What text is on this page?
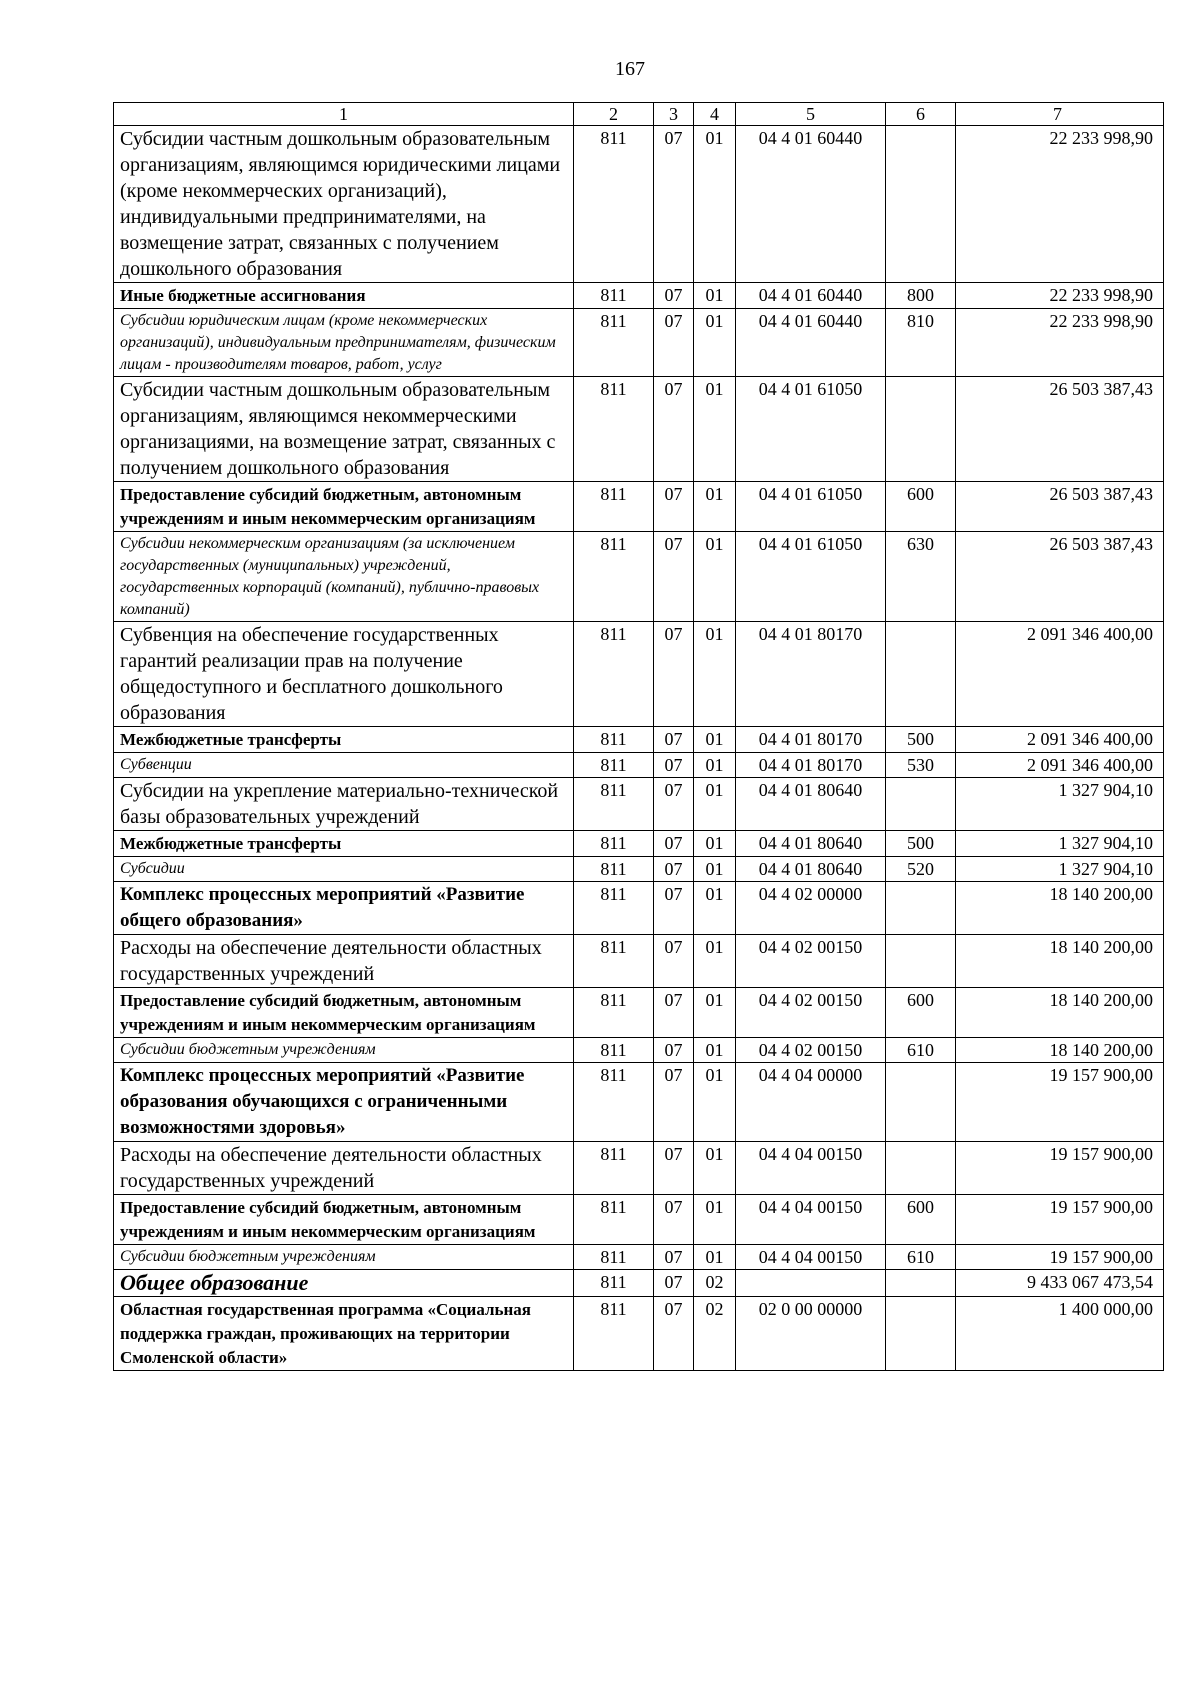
167
1	2	3	4	5	6	7
Субсидии частным дошкольным образовательным организациям, являющимся юридическими лицами (кроме некоммерческих организаций), индивидуальными предпринимателями, на возмещение затрат, связанных с получением дошкольного образования	811	07	01	04 4 01 60440		22 233 998,90
Иные бюджетные ассигнования	811	07	01	04 4 01 60440	800	22 233 998,90
Субсидии юридическим лицам (кроме некоммерческих организаций), индивидуальным предпринимателям, физическим лицам - производителям товаров, работ, услуг	811	07	01	04 4 01 60440	810	22 233 998,90
Субсидии частным дошкольным образовательным организациям, являющимся некоммерческими организациями, на возмещение затрат, связанных с получением дошкольного образования	811	07	01	04 4 01 61050		26 503 387,43
Предоставление субсидий бюджетным, автономным учреждениям и иным некоммерческим организациям	811	07	01	04 4 01 61050	600	26 503 387,43
Субсидии некоммерческим организациям (за исключением государственных (муниципальных) учреждений, государственных корпораций (компаний), публично-правовых компаний)	811	07	01	04 4 01 61050	630	26 503 387,43
Субвенция на обеспечение государственных гарантий реализации прав на получение общедоступного и бесплатного дошкольного образования	811	07	01	04 4 01 80170		2 091 346 400,00
Межбюджетные трансферты	811	07	01	04 4 01 80170	500	2 091 346 400,00
Субвенции	811	07	01	04 4 01 80170	530	2 091 346 400,00
Субсидии на укрепление материально-технической базы образовательных учреждений	811	07	01	04 4 01 80640		1 327 904,10
Межбюджетные трансферты	811	07	01	04 4 01 80640	500	1 327 904,10
Субсидии	811	07	01	04 4 01 80640	520	1 327 904,10
Комплекс процессных мероприятий «Развитие общего образования»	811	07	01	04 4 02 00000		18 140 200,00
Расходы на обеспечение деятельности областных государственных учреждений	811	07	01	04 4 02 00150		18 140 200,00
Предоставление субсидий бюджетным, автономным учреждениям и иным некоммерческим организациям	811	07	01	04 4 02 00150	600	18 140 200,00
Субсидии бюджетным учреждениям	811	07	01	04 4 02 00150	610	18 140 200,00
Комплекс процессных мероприятий «Развитие образования обучающихся с ограниченными возможностями здоровья»	811	07	01	04 4 04 00000		19 157 900,00
Расходы на обеспечение деятельности областных государственных учреждений	811	07	01	04 4 04 00150		19 157 900,00
Предоставление субсидий бюджетным, автономным учреждениям и иным некоммерческим организациям	811	07	01	04 4 04 00150	600	19 157 900,00
Субсидии бюджетным учреждениям	811	07	01	04 4 04 00150	610	19 157 900,00
Общее образование	811	07	02			9 433 067 473,54
Областная государственная программа «Социальная поддержка граждан, проживающих на территории Смоленской области»	811	07	02	02 0 00 00000		1 400 000,00
